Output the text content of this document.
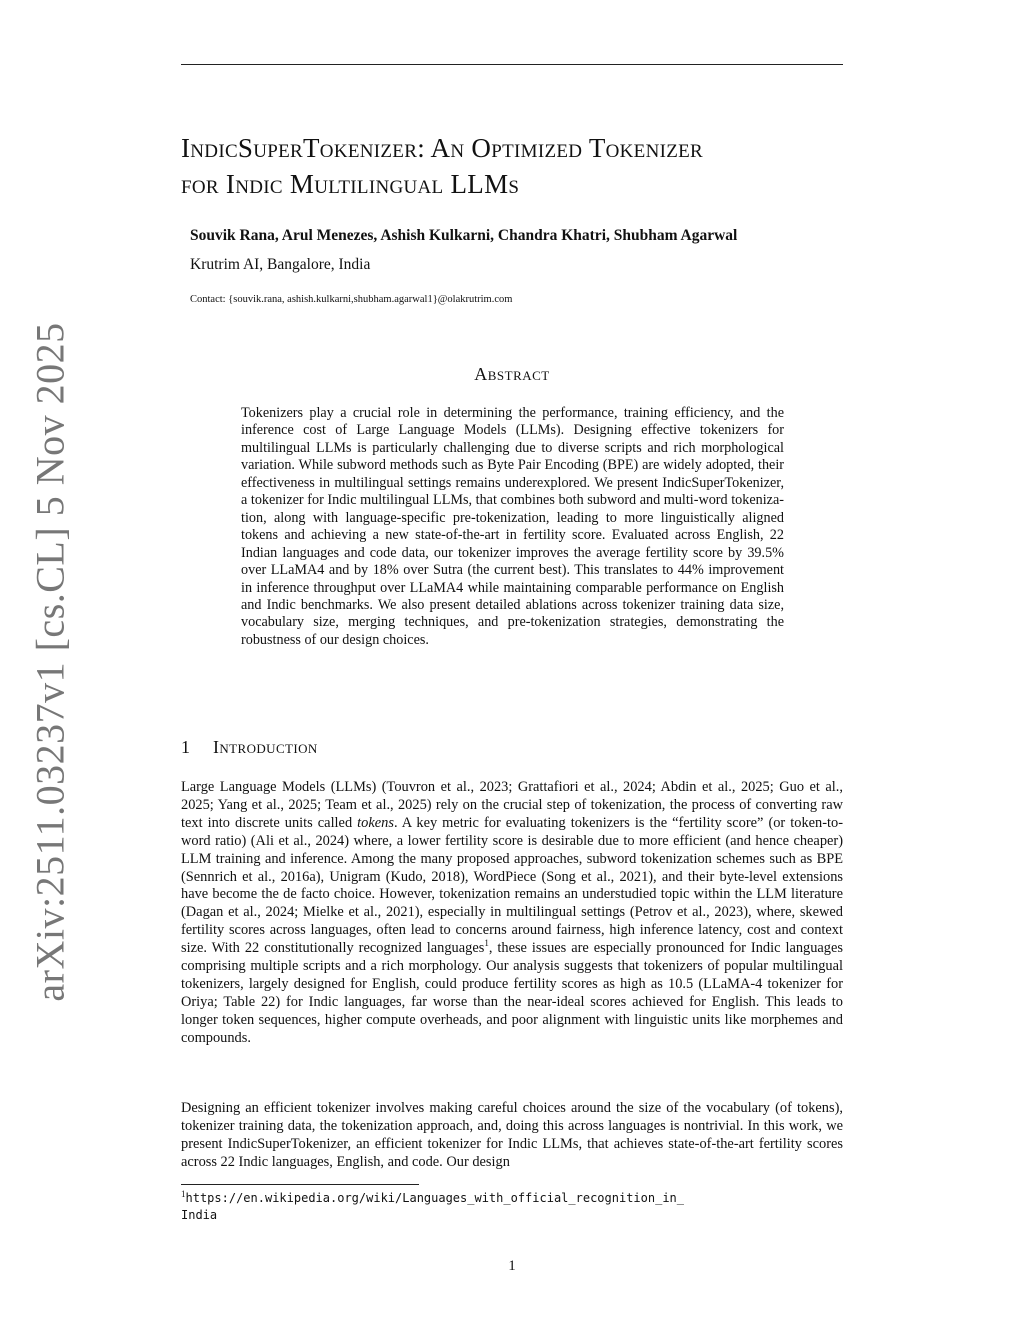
IndicSuperTokenizer: An Optimized Tokenizer
for Indic Multilingual LLMs
Souvik Rana, Arul Menezes, Ashish Kulkarni, Chandra Khatri, Shubham Agarwal
Krutrim AI, Bangalore, India
Contact: {souvik.rana, ashish.kulkarni,shubham.agarwal1}@olakrutrim.com
Abstract
Tokenizers play a crucial role in determining the performance, training efficiency, and the inference cost of Large Language Models (LLMs). Designing effective tokenizers for multilingual LLMs is particularly challenging due to diverse scripts and rich morphological variation. While subword methods such as Byte Pair Encoding (BPE) are widely adopted, their effectiveness in multilingual settings remains underexplored. We present IndicSuperTokenizer, a tokenizer for Indic multilingual LLMs, that combines both subword and multi-word tokenization, along with language-specific pre-tokenization, leading to more linguistically aligned tokens and achieving a new state-of-the-art in fertility score. Evaluated across English, 22 Indian languages and code data, our tokenizer improves the average fertility score by 39.5% over LLaMA4 and by 18% over Sutra (the current best). This translates to 44% improvement in inference throughput over LLaMA4 while maintaining comparable performance on English and Indic benchmarks. We also present detailed ablations across tokenizer training data size, vocabulary size, merging techniques, and pre-tokenization strategies, demonstrating the robustness of our design choices.
1 Introduction
Large Language Models (LLMs) (Touvron et al., 2023; Grattafiori et al., 2024; Abdin et al., 2025; Guo et al., 2025; Yang et al., 2025; Team et al., 2025) rely on the crucial step of tokenization, the process of converting raw text into discrete units called tokens. A key metric for evaluating tokenizers is the “fertility score” (or token-to-word ratio) (Ali et al., 2024) where, a lower fertility score is desirable due to more efficient (and hence cheaper) LLM training and inference. Among the many proposed approaches, subword tokenization schemes such as BPE (Sennrich et al., 2016a), Unigram (Kudo, 2018), WordPiece (Song et al., 2021), and their byte-level extensions have become the de facto choice. However, tokenization remains an understudied topic within the LLM literature (Dagan et al., 2024; Mielke et al., 2021), especially in multilingual settings (Petrov et al., 2023), where, skewed fertility scores across languages, often lead to concerns around fairness, high inference latency, cost and context size. With 22 constitutionally recognized languages$^1$, these issues are especially pronounced for Indic languages comprising multiple scripts and a rich morphology. Our analysis suggests that tokenizers of popular multilingual tokenizers, largely designed for English, could produce fertility scores as high as 10.5 (LLaMA-4 tokenizer for Oriya; Table 22) for Indic languages, far worse than the near-ideal scores achieved for English. This leads to longer token sequences, higher compute overheads, and poor alignment with linguistic units like morphemes and compounds.
Designing an efficient tokenizer involves making careful choices around the size of the vocabulary (of tokens), tokenizer training data, the tokenization approach, and, doing this across languages is nontrivial. In this work, we present IndicSuperTokenizer, an efficient tokenizer for Indic LLMs, that achieves state-of-the-art fertility scores across 22 Indic languages, English, and code. Our design
$^1$https://en.wikipedia.org/wiki/Languages_with_official_recognition_in_
India
1
arXiv:2511.03237v1 [cs.CL] 5 Nov 2025
